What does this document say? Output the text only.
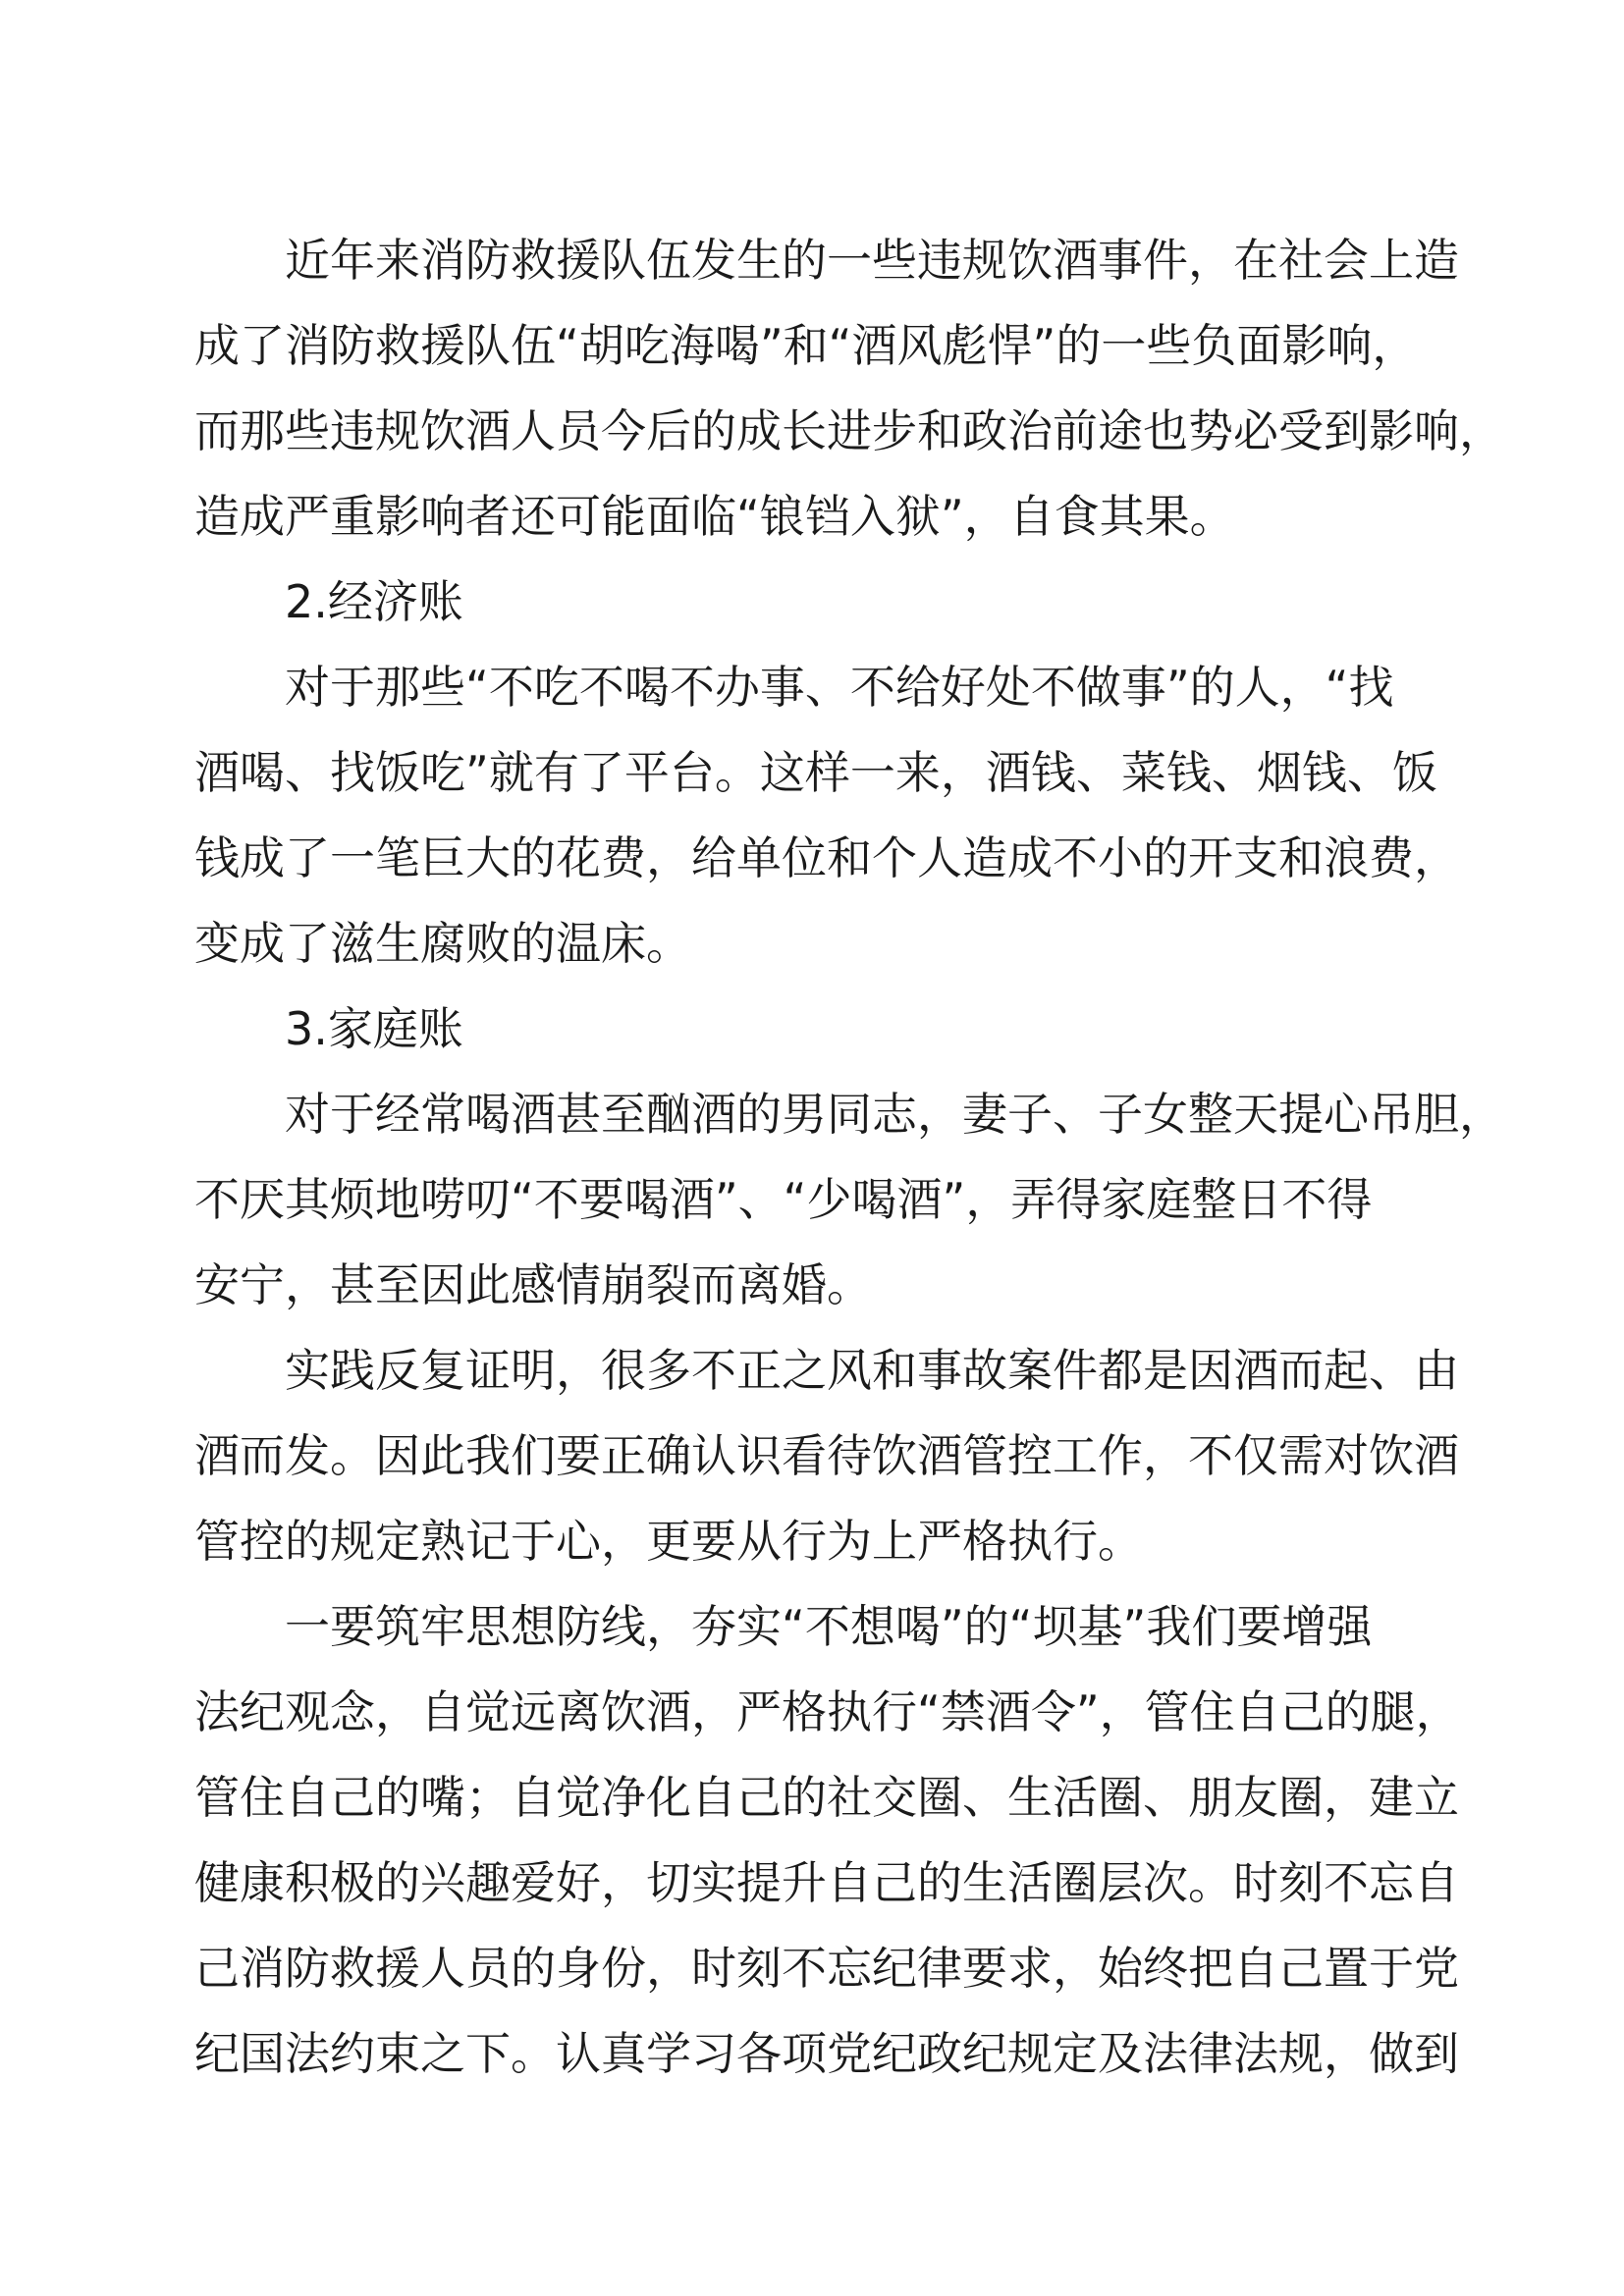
近年来消防救援队伍发生的一些违规饮酒事件，在社会上造
成了消防救援队伍“胡吃海喝”和“酒风彪悍”的一些负面影响，
而那些违规饮酒人员今后的成长进步和政治前途也势必受到影响，
造成严重影响者还可能面临“锒铛入狱”，自食其果。
2.经济账
对于那些“不吃不喝不办事、不给好处不做事”的人，“找
酒喝、找饭吃”就有了平台。这样一来，酒钱、菜钱、烟钱、饭
钱成了一笔巨大的花费，给单位和个人造成不小的开支和浪费，
变成了滋生腐败的温床。
3.家庭账
对于经常喝酒甚至酗酒的男同志，妻子、子女整天提心吊胆，
不厌其烦地唠叨“不要喝酒”、“少喝酒”，弄得家庭整日不得
安宁，甚至因此感情崩裂而离婚。
实践反复证明，很多不正之风和事故案件都是因酒而起、由
酒而发。因此我们要正确认识看待饮酒管控工作，不仅需对饮酒
管控的规定熟记于心，更要从行为上严格执行。
一要筑牢思想防线，夯实“不想喝”的“坝基”我们要增强
法纪观念，自觉远离饮酒，严格执行“禁酒令”，管住自己的腿，
管住自己的嘴；自觉净化自己的社交圈、生活圈、朋友圈，建立
健康积极的兴趣爱好，切实提升自己的生活圈层次。时刻不忘自
己消防救援人员的身份，时刻不忘纪律要求，始终把自己置于党
纪国法约束之下。认真学习各项党纪政纪规定及法律法规，做到
